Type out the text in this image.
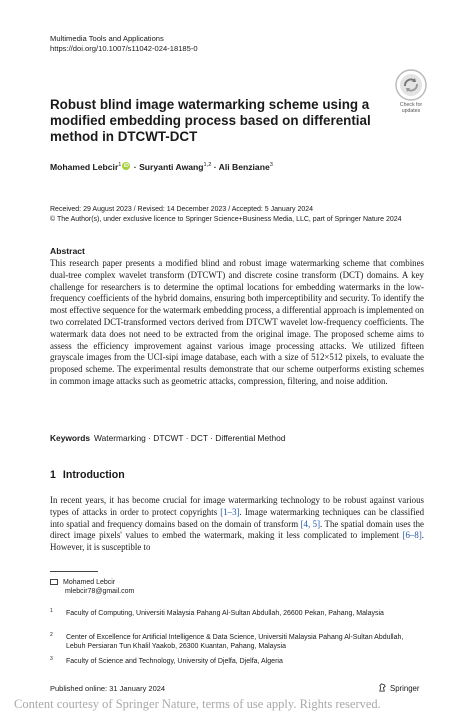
Multimedia Tools and Applications
https://doi.org/10.1007/s11042-024-18185-0
Check for
updates
Robust blind image watermarking scheme using a modified embedding process based on differential method in DTCWT-DCT
Mohamed Lebcir$^1$ iD · Suryanti Awang$^{1,2}$ · Ali Benziane$^3$
Received: 29 August 2023 / Revised: 14 December 2023 / Accepted: 5 January 2024
© The Author(s), under exclusive licence to Springer Science+Business Media, LLC, part of Springer Nature 2024
Abstract
This research paper presents a modified blind and robust image watermarking scheme that combines dual-tree complex wavelet transform (DTCWT) and discrete cosine transform (DCT) domains. A key challenge for researchers is to determine the optimal locations for embedding watermarks in the low-frequency coefficients of the hybrid domains, ensuring both imperceptibility and security. To identify the most effective sequence for the watermark embedding process, a differential approach is implemented on two correlated DCT-transformed vectors derived from DTCWT wavelet low-frequency coefficients. The watermark data does not need to be extracted from the original image. The proposed scheme aims to assess the efficiency improvement against various image processing attacks. We utilized fifteen grayscale images from the UCI-sipi image database, each with a size of 512×512 pixels, to evaluate the proposed scheme. The experimental results demonstrate that our scheme outperforms existing schemes in common image attacks such as geometric attacks, compression, filtering, and noise addition.
Keywords Watermarking · DTCWT · DCT · Differential Method
1 Introduction
In recent years, it has become crucial for image watermarking technology to be robust against various types of attacks in order to protect copyrights [1–3]. Image watermarking techniques can be classified into spatial and frequency domains based on the domain of transform [4, 5]. The spatial domain uses the direct image pixels' values to embed the watermark, making it less complicated to implement [6–8]. However, it is susceptible to
Mohamed Lebcir
mlebcir78@gmail.com
1 Faculty of Computing, Universiti Malaysia Pahang Al-Sultan Abdullah, 26600 Pekan, Pahang, Malaysia
2 Center of Excellence for Artificial Intelligence & Data Science, Universiti Malaysia Pahang Al-Sultan Abdullah, Lebuh Persiaran Tun Khalil Yaakob, 26300 Kuantan, Pahang, Malaysia
3 Faculty of Science and Technology, University of Djelfa, Djelfa, Algeria
Published online: 31 January 2024	Springer
Content courtesy of Springer Nature, terms of use apply. Rights reserved.
